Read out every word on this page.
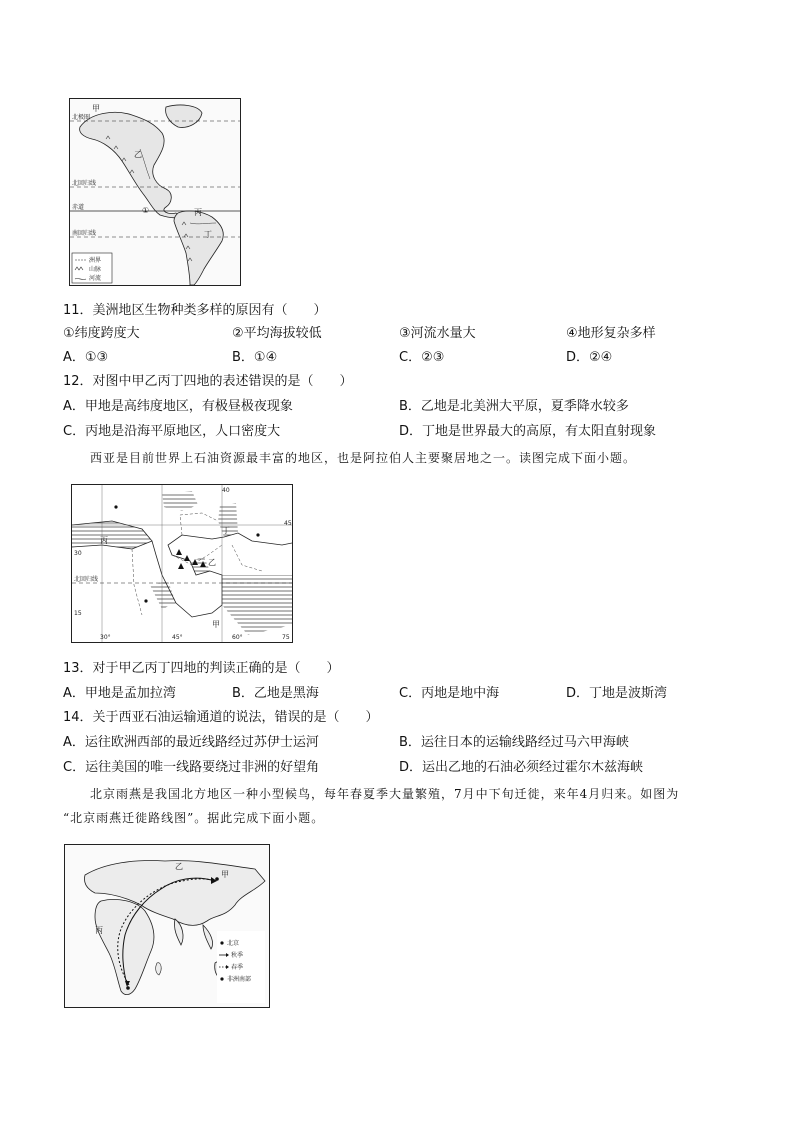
北极圈
北回归线
赤道
南回归线
甲
乙
丙
丁
①
洲界
山脉
河流
11．美洲地区生物种类多样的原因有（　　）
①纬度跨度大	②平均海拔较低	③河流水量大	④地形复杂多样
A．①③	B．①④	C．②③	D．②④
12．对图中甲乙丙丁四地的表述错误的是（　　）
A．甲地是高纬度地区，有极昼极夜现象	B．乙地是北美洲大平原，夏季降水较多
C．丙地是沿海平原地区，人口密度大	D．丁地是世界最大的高原，有太阳直射现象
西亚是目前世界上石油资源最丰富的地区，也是阿拉伯人主要聚居地之一。读图完成下面小题。
丙
乙
丁
甲
北回归线
30
45
15
40
30°	45°	60°	75
13．对于甲乙丙丁四地的判读正确的是（　　）
A．甲地是孟加拉湾	B．乙地是黑海	C．丙地是地中海	D．丁地是波斯湾
14．关于西亚石油运输通道的说法，错误的是（　　）
A．运往欧洲西部的最近线路经过苏伊士运河	B．运往日本的运输线路经过马六甲海峡
C．运往美国的唯一线路要绕过非洲的好望角	D．运出乙地的石油必须经过霍尔木兹海峡
北京雨燕是我国北方地区一种小型候鸟，每年春夏季大量繁殖，7月中下旬迁徙，来年4月归来。如图为
“北京雨燕迁徙路线图”。据此完成下面小题。
甲
乙
丙
北京
秋季
春季
非洲南部
